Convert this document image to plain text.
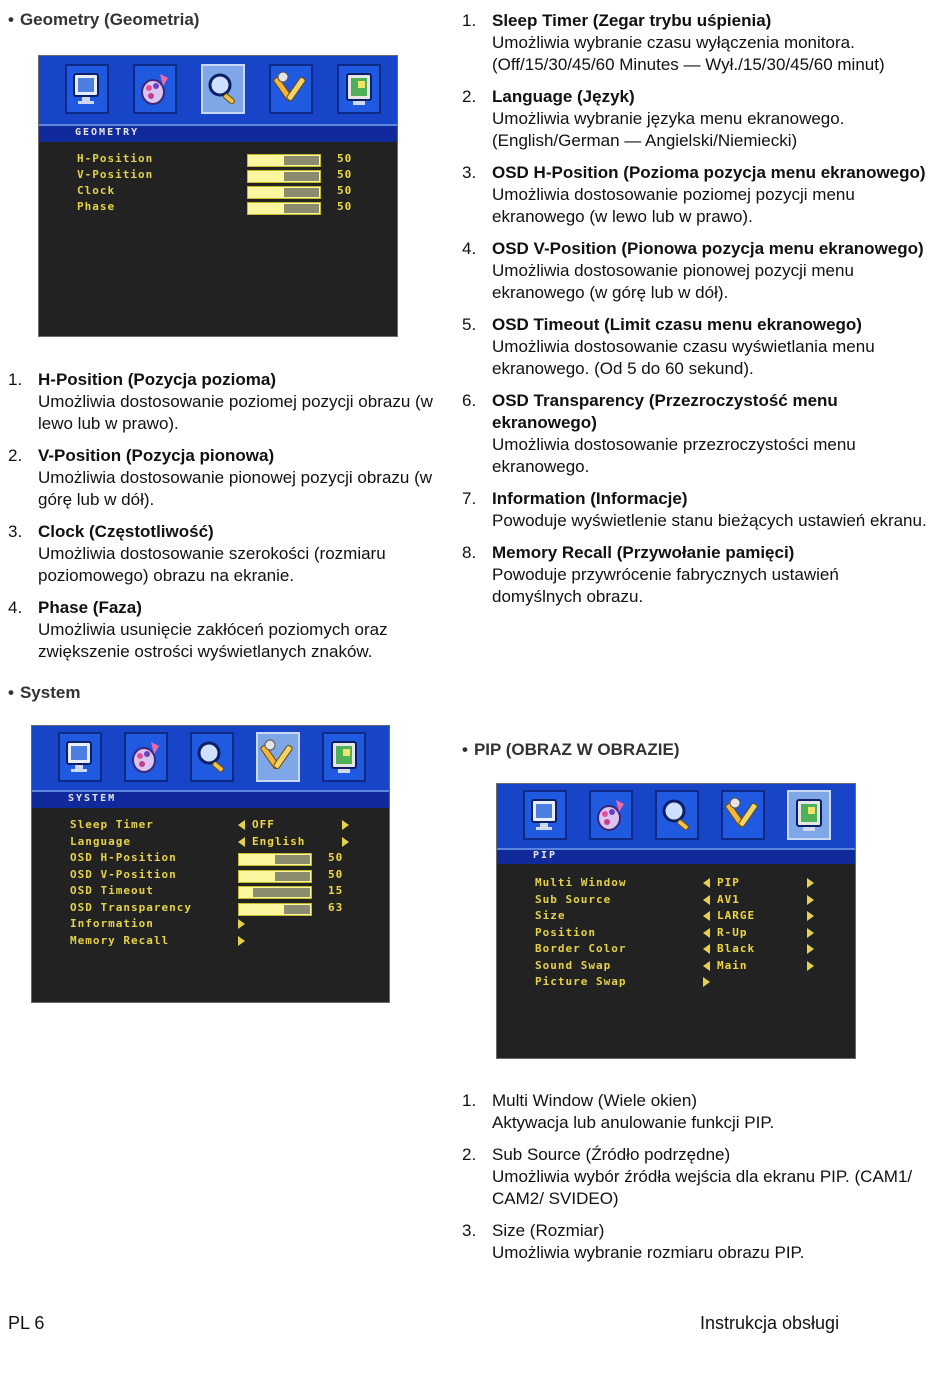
• Geometry (Geometria)

GEOMETRY
H-Position	50
V-Position	50
Clock	50
Phase	50
1. H-Position (Pozycja pozioma)
Umożliwia dostosowanie poziomej pozycji obrazu (w lewo lub w prawo).
2. V-Position (Pozycja pionowa)
Umożliwia dostosowanie pionowej pozycji obrazu (w górę lub w dół).
3. Clock (Częstotliwość)
Umożliwia dostosowanie szerokości (rozmiaru poziomowego) obrazu na ekranie.
4. Phase (Faza)
Umożliwia usunięcie zakłóceń poziomych oraz zwiększenie ostrości wyświetlanych znaków.

• System

SYSTEM
Sleep Timer	OFF
Language	English
OSD H-Position	50
OSD V-Position	50
OSD Timeout	15
OSD Transparency	63
Information
Memory Recall
1. Sleep Timer (Zegar trybu uśpienia)
Umożliwia wybranie czasu wyłączenia monitora. (Off/15/30/45/60 Minutes — Wył./15/30/45/60 minut)
2. Language (Język)
Umożliwia wybranie języka menu ekranowego. (English/German — Angielski/Niemiecki)
3. OSD H-Position (Pozioma pozycja menu ekranowego)
Umożliwia dostosowanie poziomej pozycji menu ekranowego (w lewo lub w prawo).
4. OSD V-Position (Pionowa pozycja menu ekranowego)
Umożliwia dostosowanie pionowej pozycji menu ekranowego (w górę lub w dół).
5. OSD Timeout (Limit czasu menu ekranowego)
Umożliwia dostosowanie czasu wyświetlania menu ekranowego. (Od 5 do 60 sekund).
6. OSD Transparency (Przezroczystość menu ekranowego)
Umożliwia dostosowanie przezroczystości menu ekranowego.
7. Information (Informacje)
Powoduje wyświetlenie stanu bieżących ustawień ekranu.
8. Memory Recall (Przywołanie pamięci)
Powoduje przywrócenie fabrycznych ustawień domyślnych obrazu.

• PIP (OBRAZ W OBRAZIE)

PIP
Multi Window	PIP
Sub Source	AV1
Size	LARGE
Position	R-Up
Border Color	Black
Sound Swap	Main
Picture Swap
1. Multi Window (Wiele okien)
Aktywacja lub anulowanie funkcji PIP.
2. Sub Source (Źródło podrzędne)
Umożliwia wybór źródła wejścia dla ekranu PIP. (CAM1/ CAM2/ SVIDEO)
3. Size (Rozmiar)
Umożliwia wybranie rozmiaru obrazu PIP.
PL 6	Instrukcja obsługi
